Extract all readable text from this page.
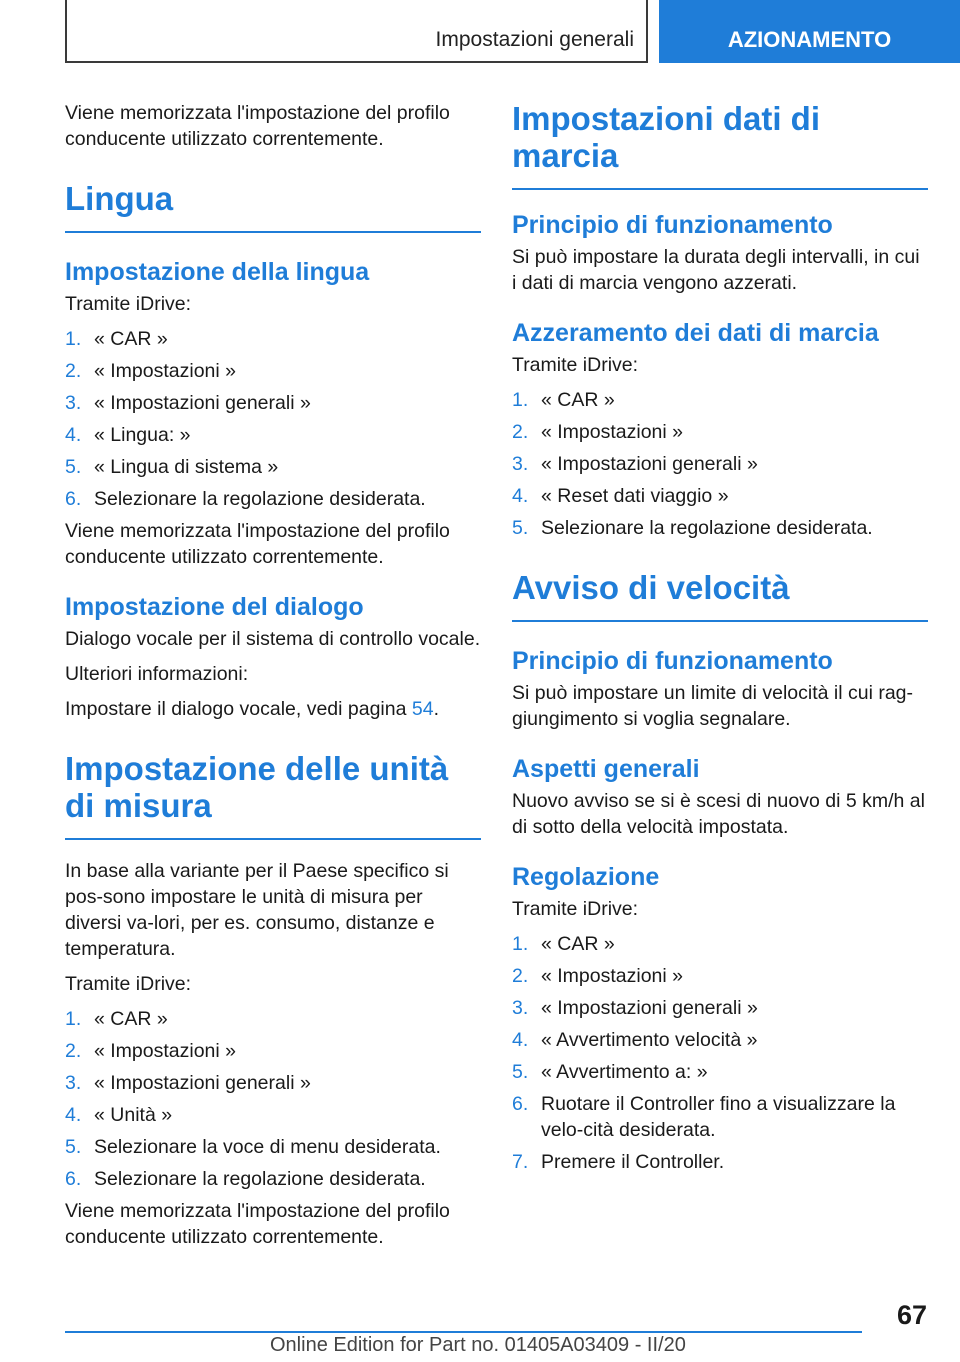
Impostazioni generali	AZIONAMENTO

Viene memorizzata l'impostazione del profilo conducente utilizzato correntemente.

Lingua
Impostazione della lingua

Tramite iDrive:

1. « CAR »
2. « Impostazioni »
3. « Impostazioni generali »
4. « Lingua: »
5. « Lingua di sistema »
6. Selezionare la regolazione desiderata.

Viene memorizzata l'impostazione del profilo conducente utilizzato correntemente.

Impostazione del dialogo

Dialogo vocale per il sistema di controllo vocale.

Ulteriori informazioni:

Impostare il dialogo vocale, vedi pagina 54.

Impostazione delle unità di misura

In base alla variante per il Paese specifico si pos-sono impostare le unità di misura per diversi va-lori, per es. consumo, distanze e temperatura.

Tramite iDrive:

1. « CAR »
2. « Impostazioni »
3. « Impostazioni generali »
4. « Unità »
5. Selezionare la voce di menu desiderata.
6. Selezionare la regolazione desiderata.

Viene memorizzata l'impostazione del profilo conducente utilizzato correntemente.

Impostazioni dati di marcia
Principio di funzionamento

Si può impostare la durata degli intervalli, in cui i dati di marcia vengono azzerati.

Azzeramento dei dati di marcia

Tramite iDrive:

1. « CAR »
2. « Impostazioni »
3. « Impostazioni generali »
4. « Reset dati viaggio »
5. Selezionare la regolazione desiderata.
Avviso di velocità
Principio di funzionamento

Si può impostare un limite di velocità il cui rag-giungimento si voglia segnalare.

Aspetti generali

Nuovo avviso se si è scesi di nuovo di 5 km/h al di sotto della velocità impostata.

Regolazione

Tramite iDrive:

1. « CAR »
2. « Impostazioni »
3. « Impostazioni generali »
4. « Avvertimento velocità »
5. « Avvertimento a: »
6. Ruotare il Controller fino a visualizzare la velo-cità desiderata.
7. Premere il Controller.
67
Online Edition for Part no. 01405A03409 - II/20
